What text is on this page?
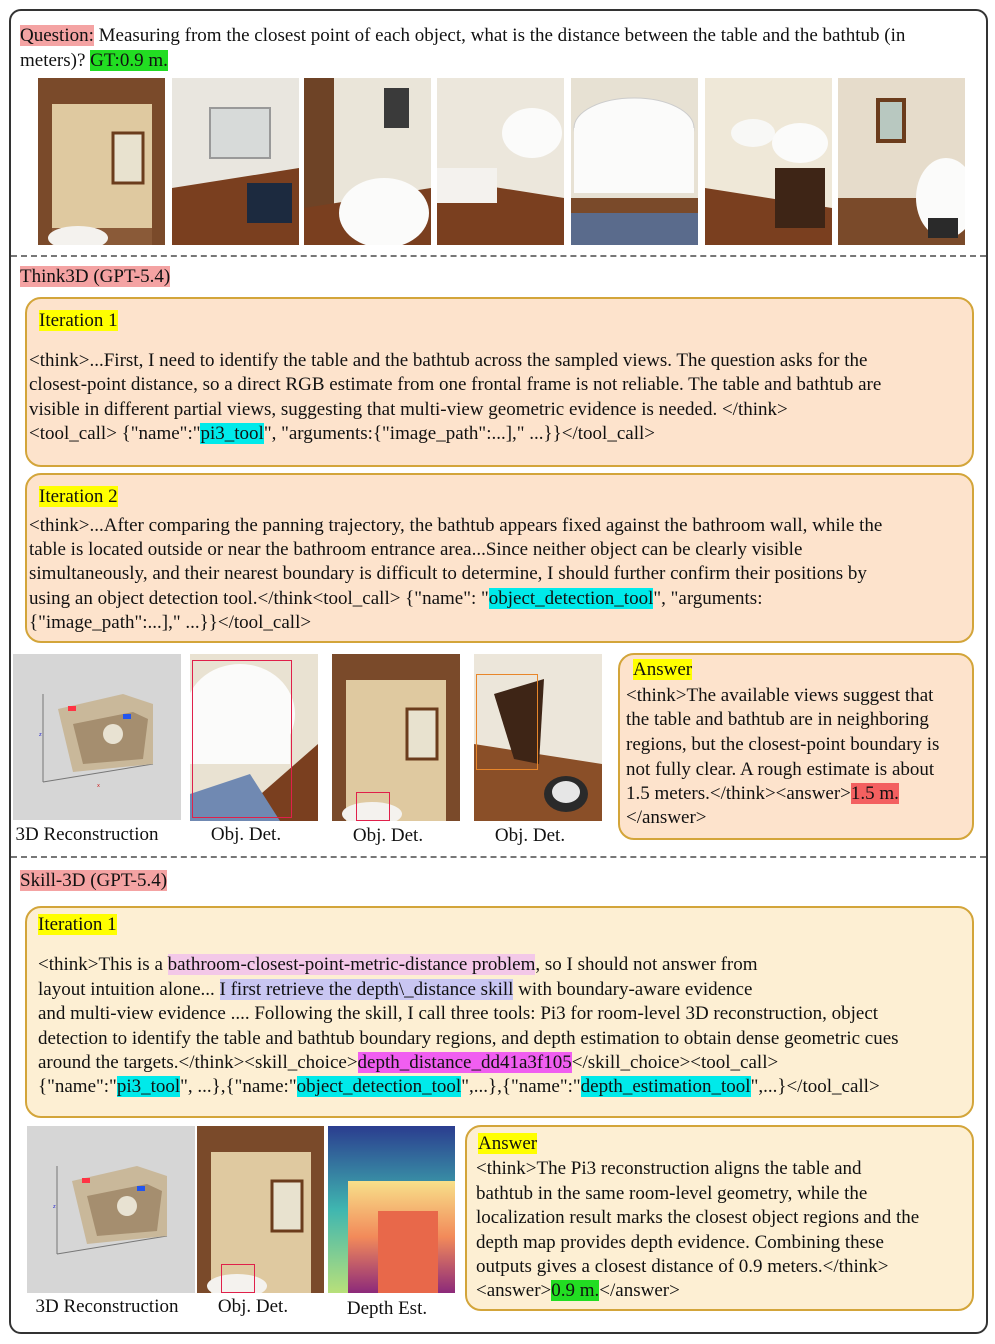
Question: Measuring from the closest point of each object, what is the distance between the table and the bathtub (in
meters)? GT:0.9 m.
Think3D (GPT-5.4)
Iteration 1
<think>...First, I need to identify the table and the bathtub across the sampled views. The question asks for the
closest-point distance, so a direct RGB estimate from one frontal frame is not reliable. The table and bathtub are
visible in different partial views, suggesting that multi-view geometric evidence is needed. </think>
<tool_call> {"name":"pi3_tool", "arguments:{"image_path":...]," ...}}</tool_call>
Iteration 2
<think>...After comparing the panning trajectory, the bathtub appears fixed against the bathroom wall, while the
table is located outside or near the bathroom entrance area...Since neither object can be clearly visible
simultaneously, and their nearest boundary is difficult to determine, I should further confirm their positions by
using an object detection tool.</think<tool_call> {"name": "object_detection_tool", "arguments:
{"image_path":...]," ...}}</tool_call>
z
x
3D Reconstruction	Obj. Det.	Obj. Det.	Obj. Det.
Answer
<think>The available views suggest that
the table and bathtub are in neighboring
regions, but the closest-point boundary is
not fully clear. A rough estimate is about
1.5 meters.</think><answer>1.5 m.
</answer>
Skill-3D (GPT-5.4)
Iteration 1
<think>This is a bathroom-closest-point-metric-distance problem, so I should not answer from
layout intuition alone... I first retrieve the depth\_distance skill with boundary-aware evidence
and multi-view evidence .... Following the skill, I call three tools: Pi3 for room-level 3D reconstruction, object
detection to identify the table and bathtub boundary regions, and depth estimation to obtain dense geometric cues
around the targets.</think><skill_choice>depth_distance_dd41a3f105</skill_choice><tool_call>
{"name":"pi3_tool", ...},{"name:"object_detection_tool",...},{"name":"depth_estimation_tool",...}</tool_call>
z
3D Reconstruction	Obj. Det.	Depth Est.
Answer
<think>The Pi3 reconstruction aligns the table and
bathtub in the same room-level geometry, while the
localization result marks the closest object regions and the
depth map provides depth evidence. Combining these
outputs gives a closest distance of 0.9 meters.</think>
<answer>0.9 m.</answer>
